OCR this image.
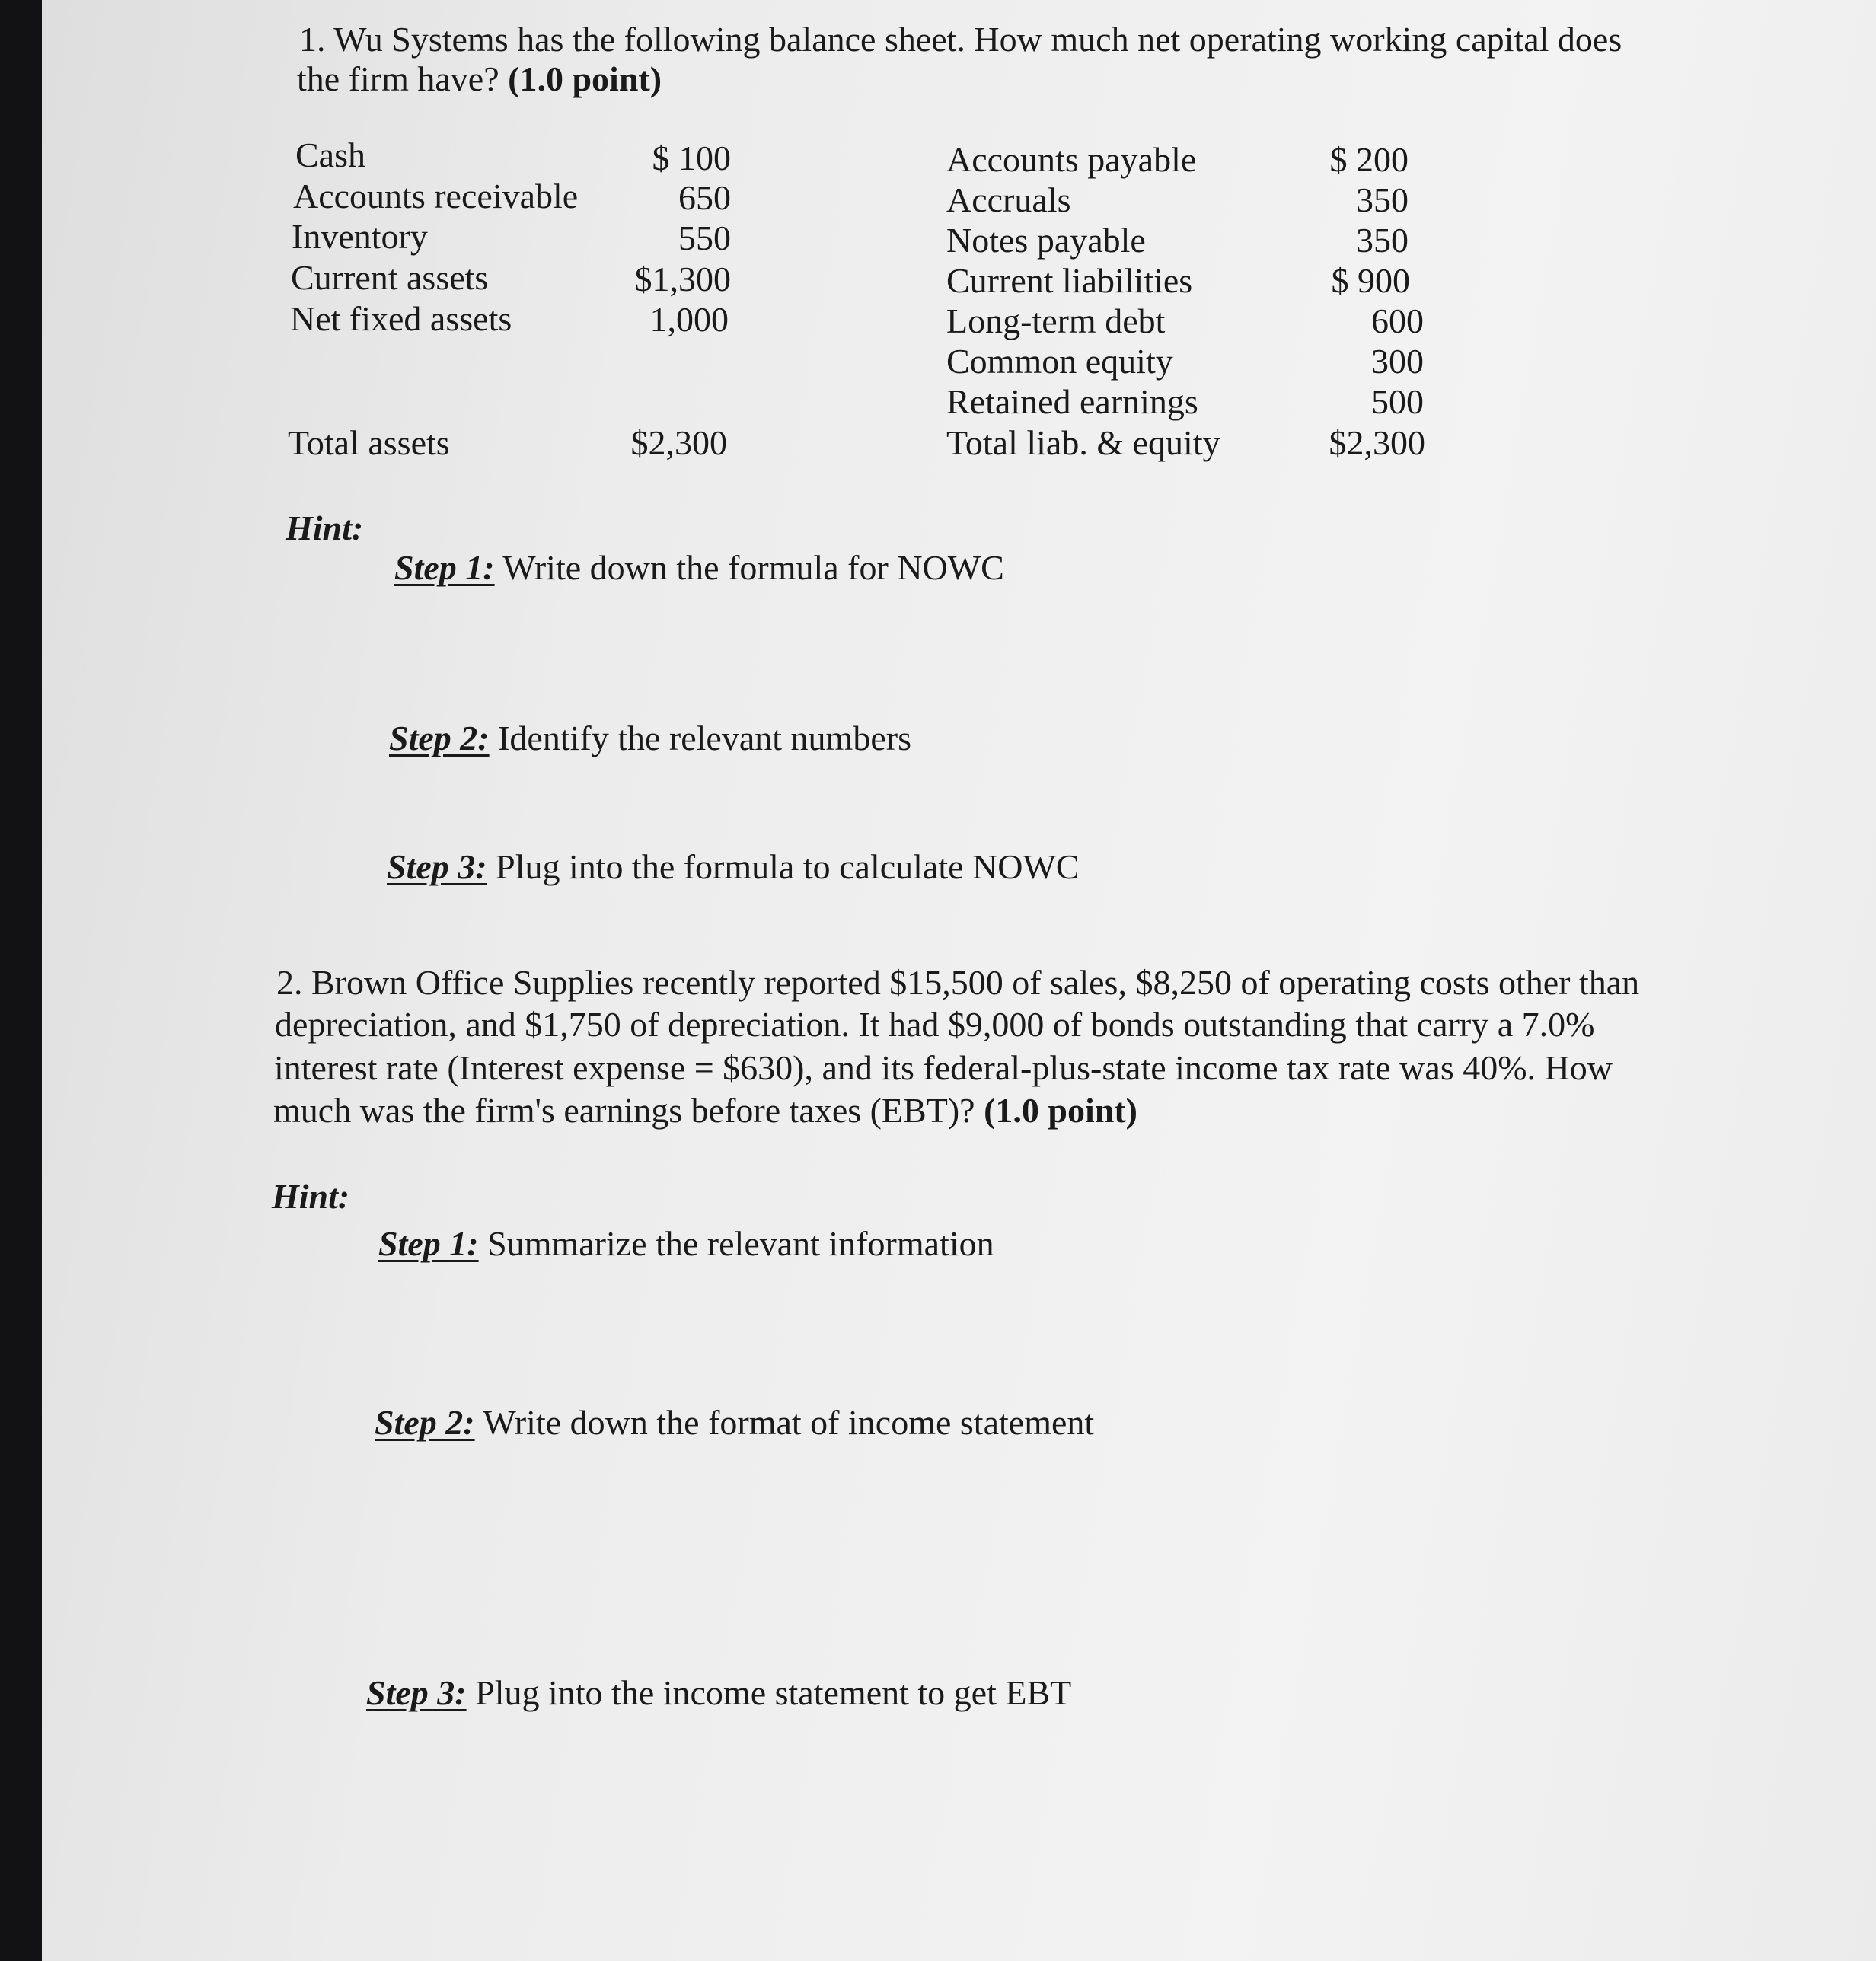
1. Wu Systems has the following balance sheet. How much net operating working capital does
the firm have? (1.0 point)
Cash	$ 100
Accounts receivable	650
Inventory	550
Current assets	$1,300
Net fixed assets	1,000
Total assets	$2,300
Accounts payable	$ 200
Accruals	350
Notes payable	350
Current liabilities	$ 900
Long-term debt	600
Common equity	300
Retained earnings	500
Total liab. & equity	$2,300
Hint:
Step 1: Write down the formula for NOWC
Step 2: Identify the relevant numbers
Step 3: Plug into the formula to calculate NOWC
2. Brown Office Supplies recently reported $15,500 of sales, $8,250 of operating costs other than
depreciation, and $1,750 of depreciation. It had $9,000 of bonds outstanding that carry a 7.0%
interest rate (Interest expense = $630), and its federal-plus-state income tax rate was 40%. How
much was the firm's earnings before taxes (EBT)? (1.0 point)
Hint:
Step 1: Summarize the relevant information
Step 2: Write down the format of income statement
Step 3: Plug into the income statement to get EBT
